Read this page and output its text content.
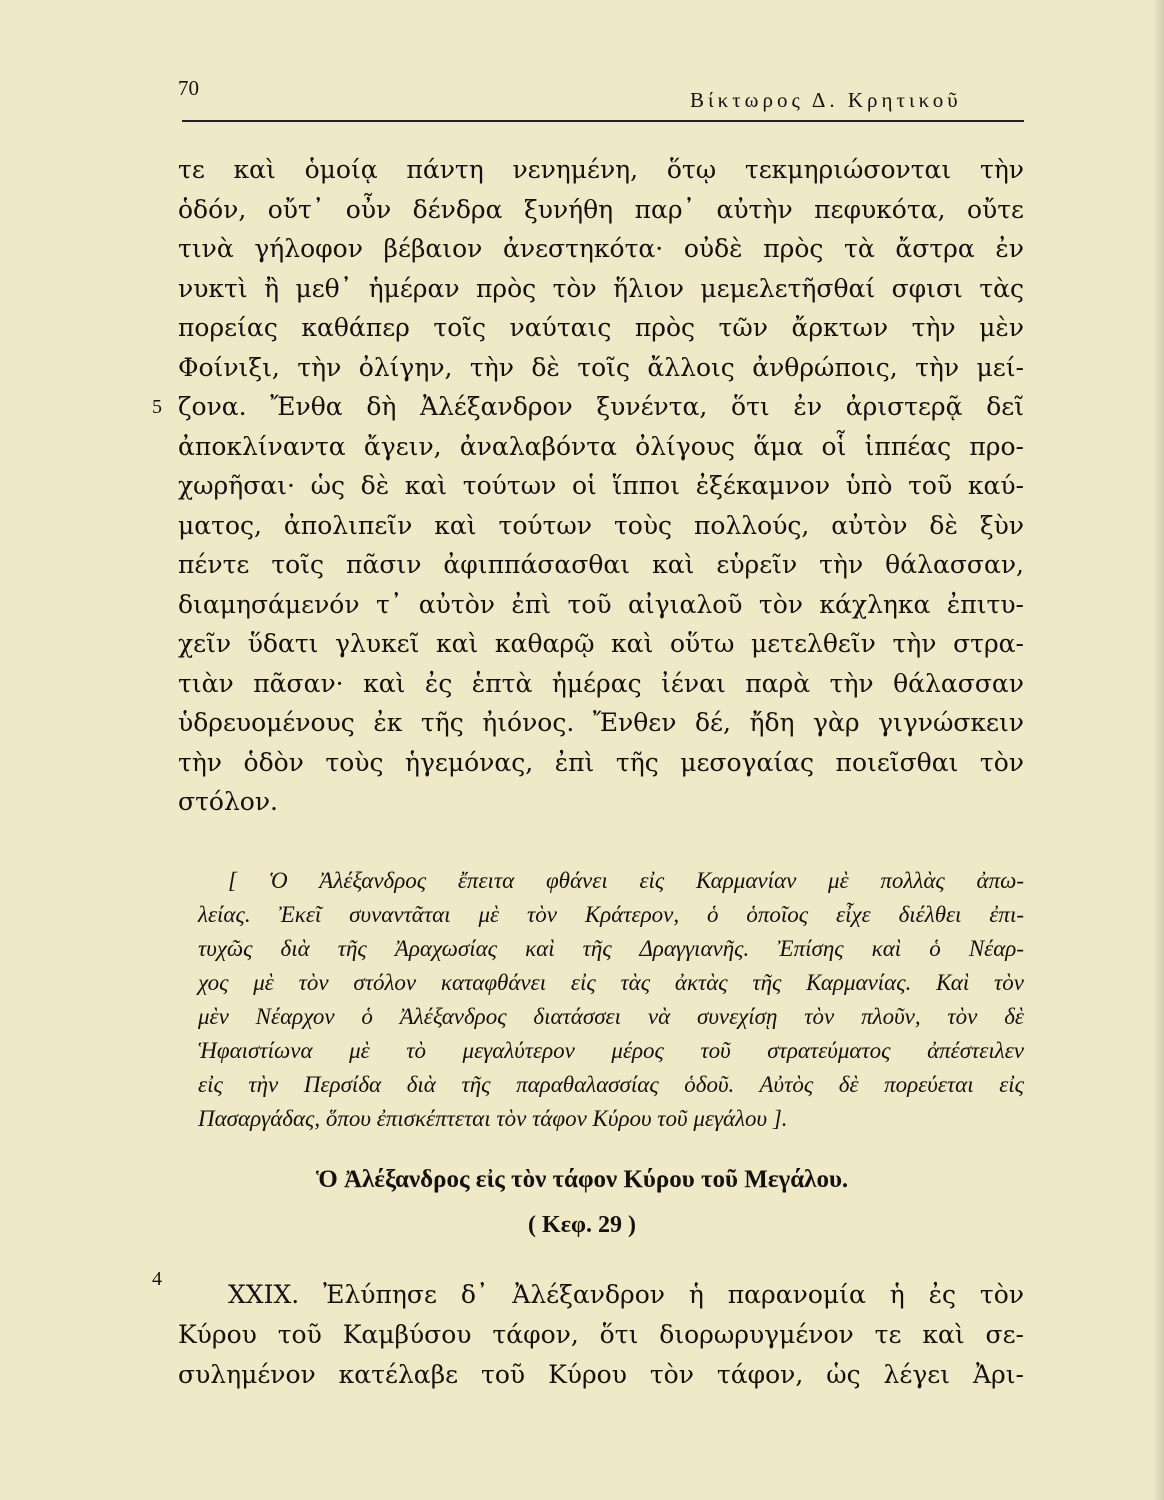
70	Βίκτωρος Δ. Κρητικοῦ

τε καὶ ὁμοίᾳ πάντη νενημένη, ὅτῳ τεκμηριώσονται τὴν

ὁδόν, οὔτ᾽ οὖν δένδρα ξυνήθη παρ᾽ αὐτὴν πεφυκότα, οὔτε

τινὰ γήλοφον βέβαιον ἀνεστηκότα· οὐδὲ πρὸς τὰ ἄστρα ἐν

νυκτὶ ἢ μεθ᾽ ἡμέραν πρὸς τὸν ἥλιον μεμελετῆσθαί σφισι τὰς

πορείας καθάπερ τοῖς ναύταις πρὸς τῶν ἄρκτων τὴν μὲν

Φοίνιξι, τὴν ὀλίγην, τὴν δὲ τοῖς ἄλλοις ἀνθρώποις, τὴν μεί-

ζονα. Ἔνθα δὴ Ἀλέξανδρον ξυνέντα, ὅτι ἐν ἀριστερᾷ δεῖ

ἀποκλίναντα ἄγειν, ἀναλαβόντα ὀλίγους ἅμα οἷ ἱππέας προ-

χωρῆσαι· ὡς δὲ καὶ τούτων οἱ ἵπποι ἐξέκαμνον ὑπὸ τοῦ καύ-

ματος, ἀπολιπεῖν καὶ τούτων τοὺς πολλούς, αὐτὸν δὲ ξὺν

πέντε τοῖς πᾶσιν ἀφιππάσασθαι καὶ εὑρεῖν τὴν θάλασσαν,

διαμησάμενόν τ᾽ αὐτὸν ἐπὶ τοῦ αἰγιαλοῦ τὸν κάχληκα ἐπιτυ-

χεῖν ὕδατι γλυκεῖ καὶ καθαρῷ καὶ οὕτω μετελθεῖν τὴν στρα-

τιὰν πᾶσαν· καὶ ἐς ἑπτὰ ἡμέρας ἰέναι παρὰ τὴν θάλασσαν

ὑδρευομένους ἐκ τῆς ἠιόνος. Ἔνθεν δέ, ἤδη γὰρ γιγνώσκειν

τὴν ὁδὸν τοὺς ἡγεμόνας, ἐπὶ τῆς μεσογαίας ποιεῖσθαι τὸν

στόλον.

5

[ Ὁ Ἀλέξανδρος ἔπειτα φθάνει εἰς Καρμανίαν μὲ πολλὰς ἀπω-

λείας. Ἐκεῖ συναντᾶται μὲ τὸν Κράτερον, ὁ ὁποῖος εἶχε διέλθει ἐπι-

τυχῶς διὰ τῆς Ἀραχωσίας καὶ τῆς Δραγγιανῆς. Ἐπίσης καὶ ὁ Νέαρ-

χος μὲ τὸν στόλον καταφθάνει εἰς τὰς ἀκτὰς τῆς Καρμανίας. Καὶ τὸν

μὲν Νέαρχον ὁ Ἀλέξανδρος διατάσσει νὰ συνεχίσῃ τὸν πλοῦν, τὸν δὲ

Ἡφαιστίωνα μὲ τὸ μεγαλύτερον μέρος τοῦ στρατεύματος ἀπέστειλεν

εἰς τὴν Περσίδα διὰ τῆς παραθαλασσίας ὁδοῦ. Αὐτὸς δὲ πορεύεται εἰς

Πασαργάδας, ὅπου ἐπισκέπτεται τὸν τάφον Κύρου τοῦ μεγάλου ].

Ὁ Ἀλέξανδρος εἰς τὸν τάφον Κύρου τοῦ Μεγάλου.
( Κεφ. 29 )
4

XXIX. Ἐλύπησε δ᾽ Ἀλέξανδρον ἡ παρανομία ἡ ἐς τὸν

Κύρου τοῦ Καμβύσου τάφον, ὅτι διορωρυγμένον τε καὶ σε-

συλημένον κατέλαβε τοῦ Κύρου τὸν τάφον, ὡς λέγει Ἀρι-
